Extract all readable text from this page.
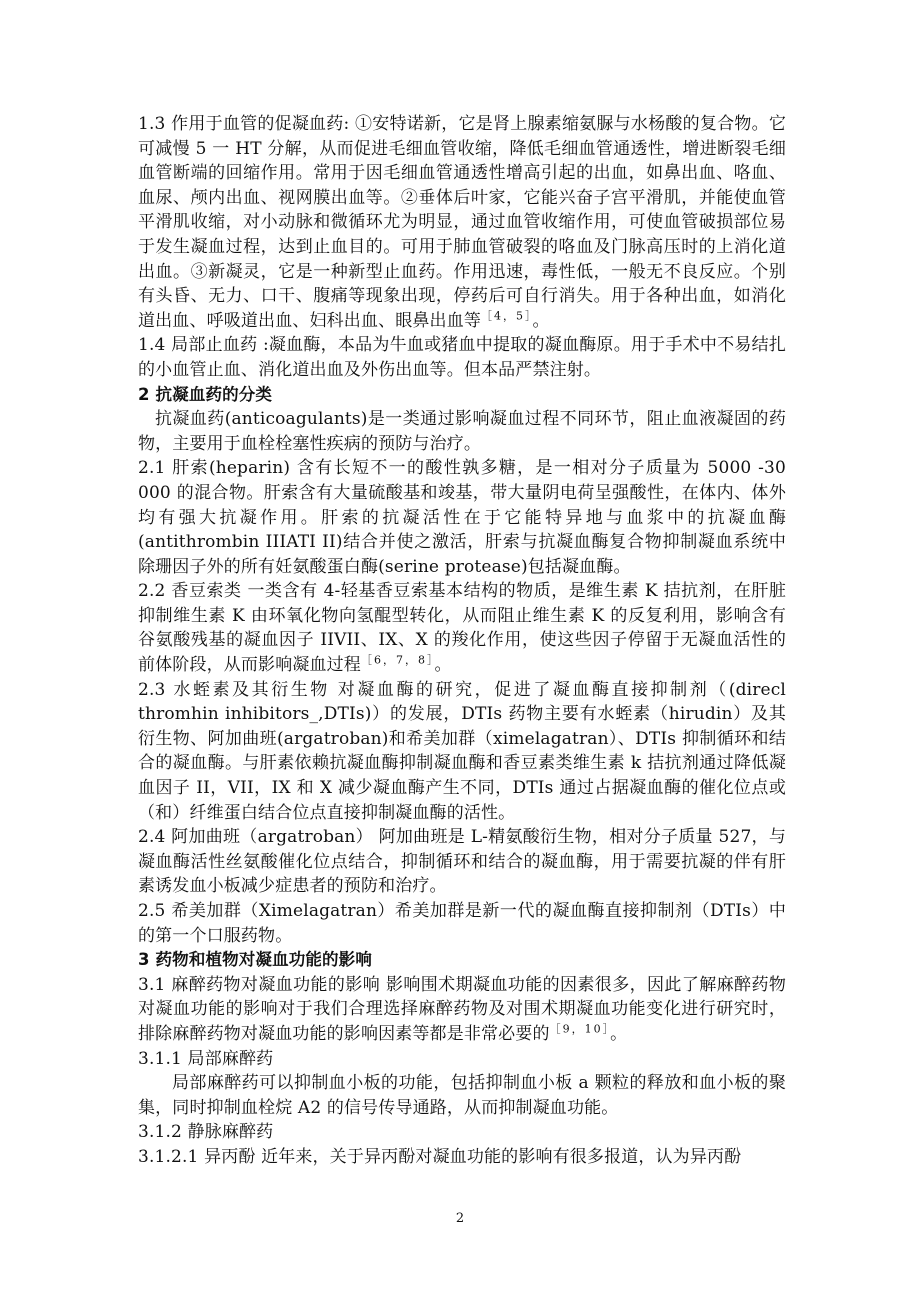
1.3 作用于血管的促凝血药: ①安特诺新，它是肾上腺素缩氨脲与水杨酸的复合物。它可减慢 5 一 HT 分解，从而促进毛细血管收缩，降低毛细血管通透性，增进断裂毛细血管断端的回缩作用。常用于因毛细血管通透性增高引起的出血，如鼻出血、咯血、血尿、颅内出血、视网膜出血等。②垂体后叶家，它能兴奋子宫平滑肌，并能使血管平滑肌收缩，对小动脉和微循环尤为明显，通过血管收缩作用，可使血管破损部位易于发生凝血过程，达到止血目的。可用于肺血管破裂的咯血及门脉高压时的上消化道出血。③新凝灵，它是一种新型止血药。作用迅速，毒性低，一般无不良反应。个别有头昏、无力、口干、腹痛等现象出现，停药后可自行消失。用于各种出血，如消化道出血、呼吸道出血、妇科出血、眼鼻出血等$^{[4,5]}$。

1.4 局部止血药 :凝血酶，本品为牛血或猪血中提取的凝血酶原。用于手术中不易结扎的小血管止血、消化道出血及外伤出血等。但本品严禁注射。

2 抗凝血药的分类

抗凝血药(anticoagulants)是一类通过影响凝血过程不同环节，阻止血液凝固的药物，主要用于血栓栓塞性疾病的预防与治疗。

2.1 肝索(heparin) 含有长短不一的酸性孰多糖，是一相对分子质量为 5000 -30 000 的混合物。肝索含有大量硫酸基和竣基，带大量阴电荷呈强酸性，在体内、体外均有强大抗凝作用。肝索的抗凝活性在于它能特异地与血浆中的抗凝血酶(antithrombin IIIATI II)结合并使之激活，肝索与抗凝血酶复合物抑制凝血系统中除珊因子外的所有妊氨酸蛋白酶(serine protease)包括凝血酶。

2.2 香豆索类 一类含有 4-轻基香豆索基本结构的物质，是维生素 K 拮抗剂，在肝脏抑制维生素 K 由环氧化物向氢醌型转化，从而阻止维生素 K 的反复利用，影响含有谷氨酸残基的凝血因子 IIVII、IX、X 的羧化作用，使这些因子停留于无凝血活性的前体阶段，从而影响凝血过程$^{[6,7,8]}$。

2.3 水蛭素及其衍生物 对凝血酶的研究，促进了凝血酶直接抑制剂（(direcl thromhin inhibitors_,DTIs)）的发展，DTIs 药物主要有水蛭素（hirudin）及其衍生物、阿加曲班(argatroban)和希美加群（ximelagatran）、DTIs 抑制循环和结合的凝血酶。与肝素依赖抗凝血酶抑制凝血酶和香豆素类维生素 k 拮抗剂通过降低凝血因子 II，VII，IX 和 X 减少凝血酶产生不同，DTIs 通过占据凝血酶的催化位点或（和）纤维蛋白结合位点直接抑制凝血酶的活性。

2.4 阿加曲班（argatroban） 阿加曲班是 L-精氨酸衍生物，相对分子质量 527，与凝血酶活性丝氨酸催化位点结合，抑制循环和结合的凝血酶，用于需要抗凝的伴有肝素诱发血小板减少症患者的预防和治疗。

2.5 希美加群（Ximelagatran）希美加群是新一代的凝血酶直接抑制剂（DTIs）中的第一个口服药物。

3 药物和植物对凝血功能的影响

3.1 麻醉药物对凝血功能的影响 影响围术期凝血功能的因素很多，因此了解麻醉药物对凝血功能的影响对于我们合理选择麻醉药物及对围术期凝血功能变化进行研究时，排除麻醉药物对凝血功能的影响因素等都是非常必要的$^{[9,10]}$。

3.1.1 局部麻醉药

局部麻醉药可以抑制血小板的功能，包括抑制血小板 a 颗粒的释放和血小板的聚集，同时抑制血栓烷 A2 的信号传导通路，从而抑制凝血功能。

3.1.2 静脉麻醉药

3.1.2.1 异丙酚 近年来，关于异丙酚对凝血功能的影响有很多报道，认为异丙酚

2
